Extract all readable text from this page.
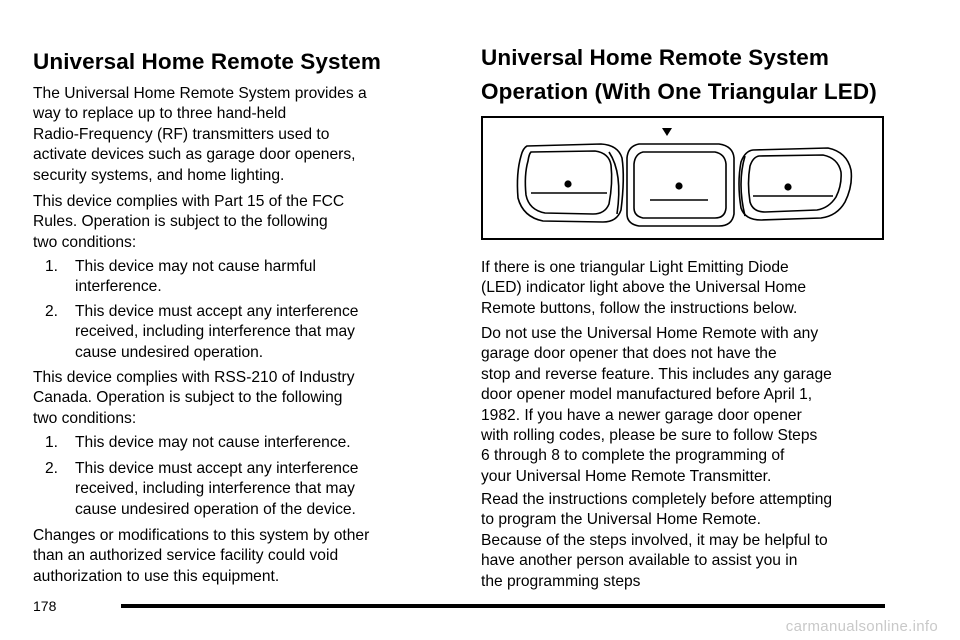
Universal Home Remote System

The Universal Home Remote System provides a
way to replace up to three hand-held
Radio-Frequency (RF) transmitters used to
activate devices such as garage door openers,
security systems, and home lighting.

This device complies with Part 15 of the FCC
Rules. Operation is subject to the following
two conditions:

1. This device may not cause harmful
interference.
2. This device must accept any interference
received, including interference that may
cause undesired operation.

This device complies with RSS-210 of Industry
Canada. Operation is subject to the following
two conditions:

1. This device may not cause interference.
2. This device must accept any interference
received, including interference that may
cause undesired operation of the device.

Changes or modifications to this system by other
than an authorized service facility could void
authorization to use this equipment.

Universal Home Remote System Operation (With One Triangular LED)

If there is one triangular Light Emitting Diode
(LED) indicator light above the Universal Home
Remote buttons, follow the instructions below.

Do not use the Universal Home Remote with any
garage door opener that does not have the
stop and reverse feature. This includes any garage
door opener model manufactured before April 1,
1982. If you have a newer garage door opener
with rolling codes, please be sure to follow Steps
6 through 8 to complete the programming of
your Universal Home Remote Transmitter.

Read the instructions completely before attempting
to program the Universal Home Remote.
Because of the steps involved, it may be helpful to
have another person available to assist you in
the programming steps

178
carmanualsonline.info
